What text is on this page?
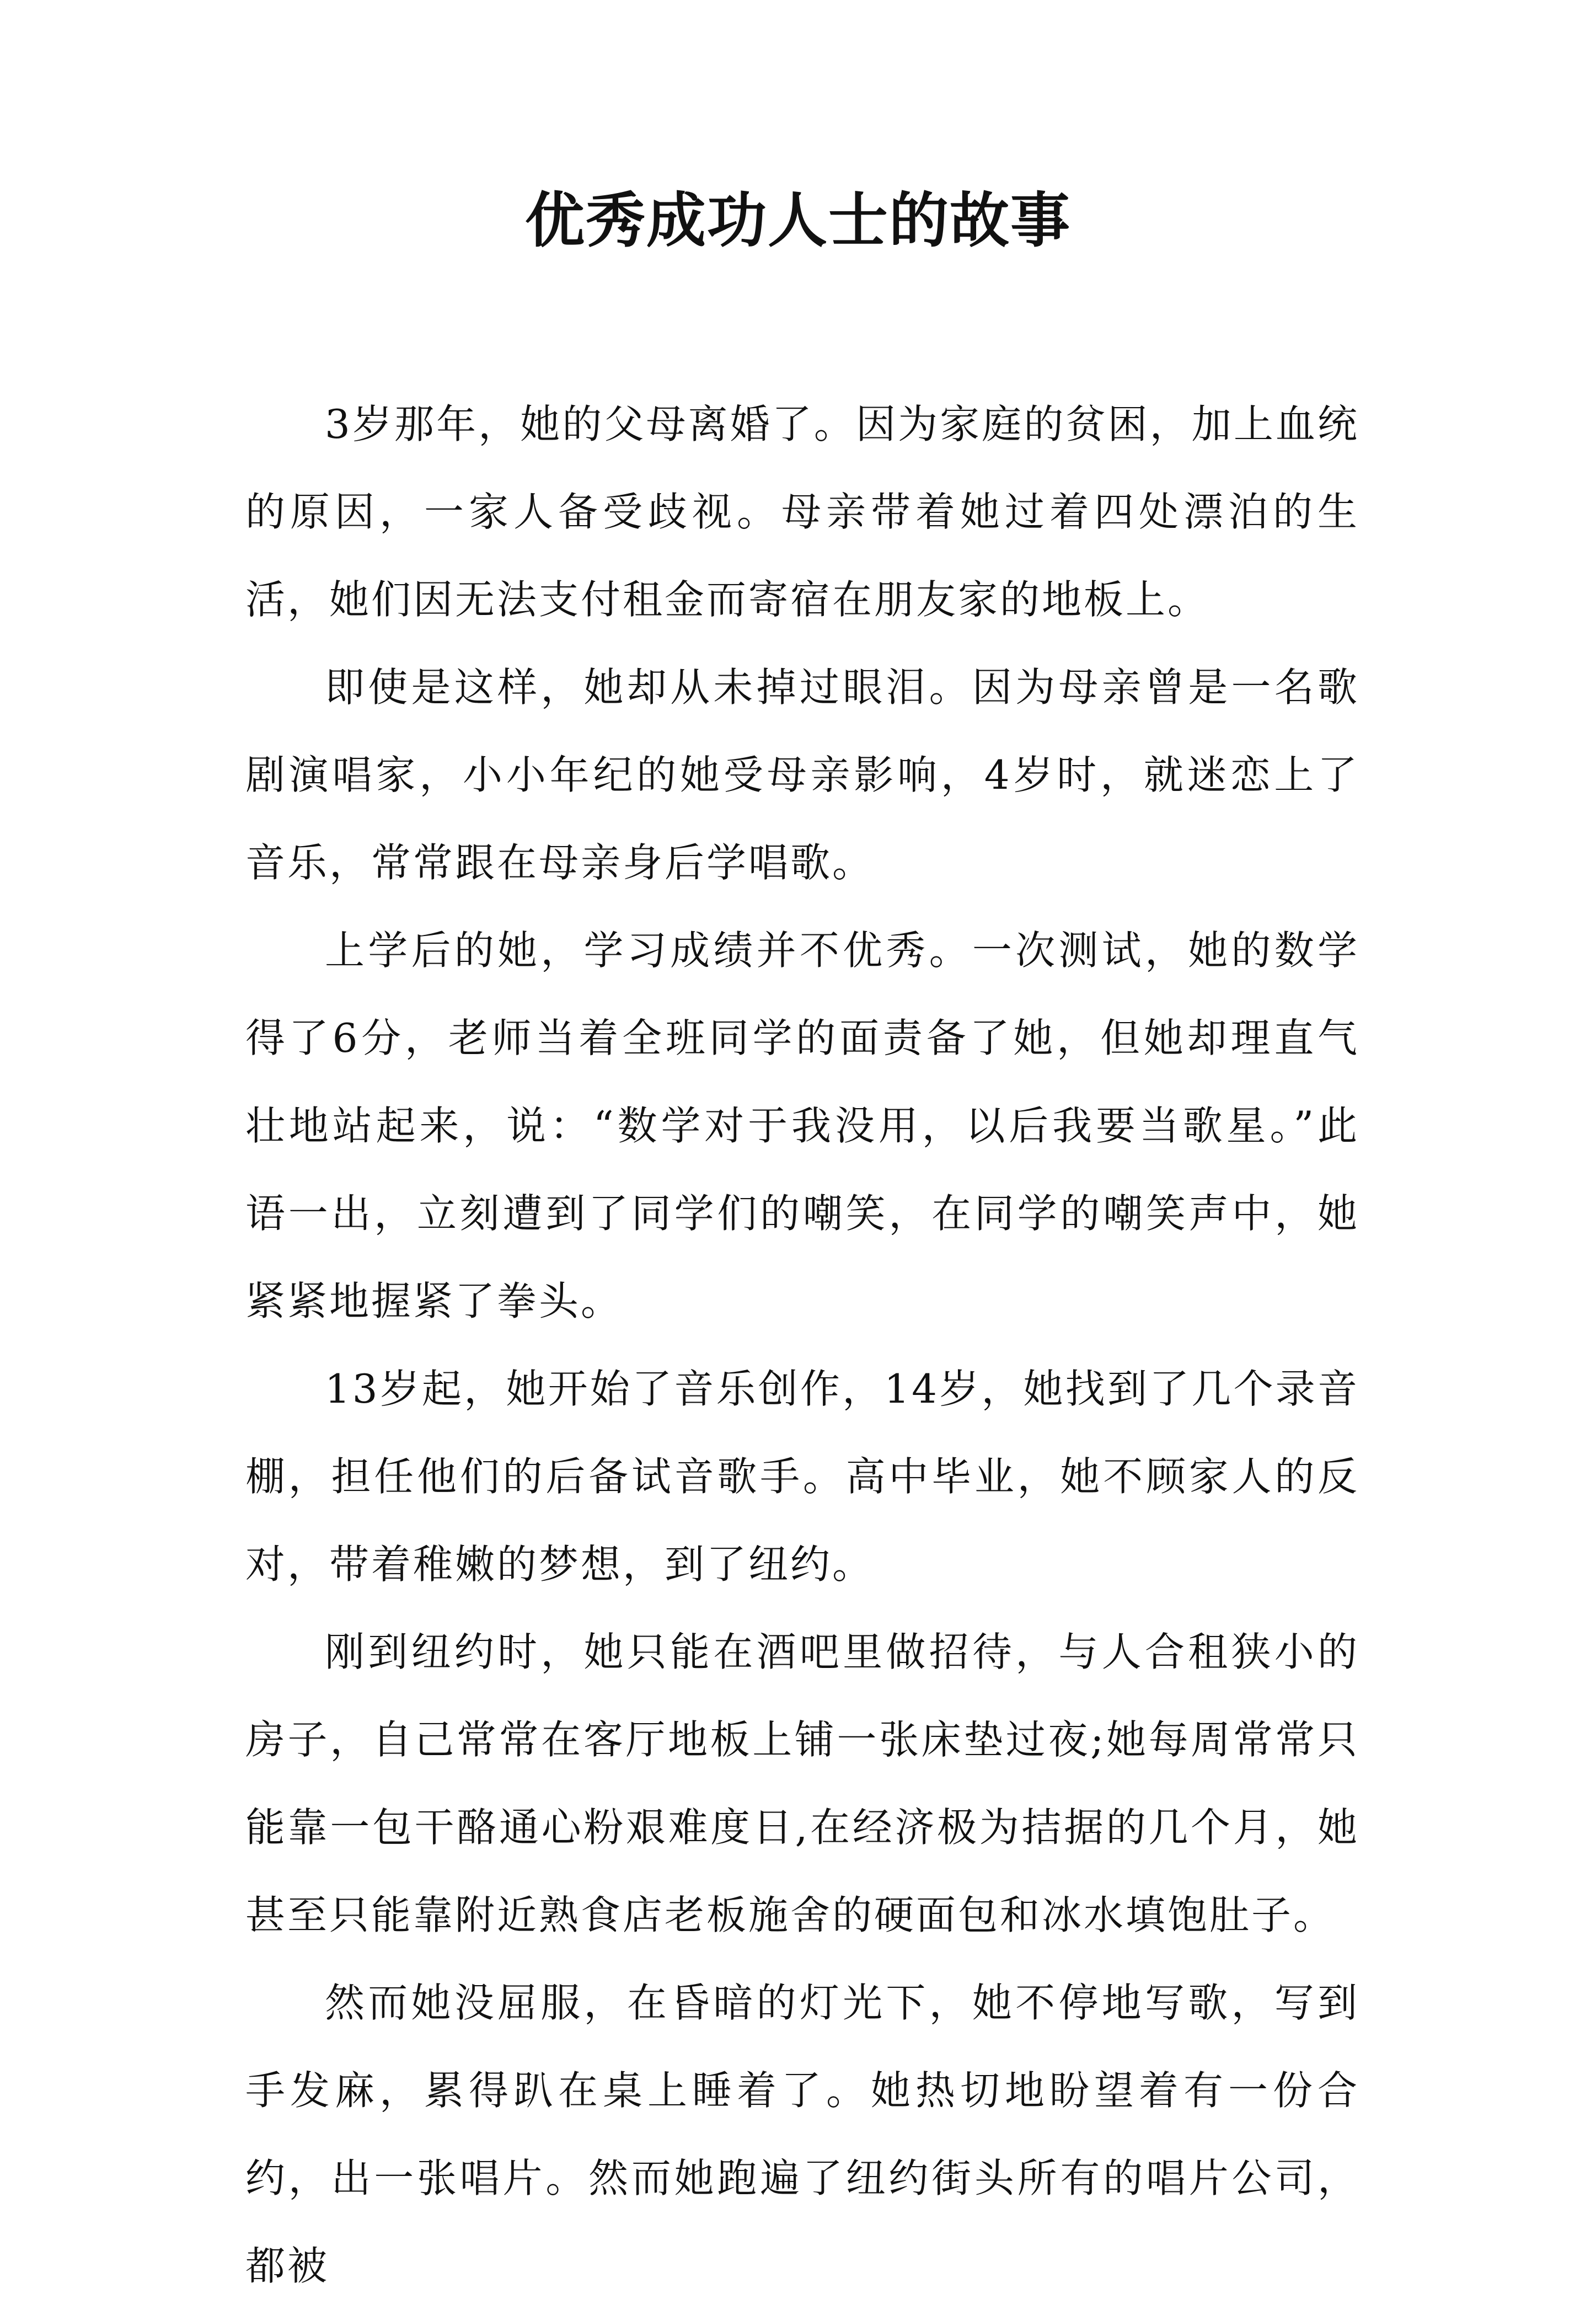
优秀成功人士的故事

3岁那年，她的父母离婚了。因为家庭的贫困，加上血统的原因，一家人备受歧视。母亲带着她过着四处漂泊的生活，她们因无法支付租金而寄宿在朋友家的地板上。

即使是这样，她却从未掉过眼泪。因为母亲曾是一名歌剧演唱家，小小年纪的她受母亲影响，4岁时，就迷恋上了音乐，常常跟在母亲身后学唱歌。

上学后的她，学习成绩并不优秀。一次测试，她的数学得了6分，老师当着全班同学的面责备了她，但她却理直气壮地站起来，说：“数学对于我没用，以后我要当歌星。”此语一出，立刻遭到了同学们的嘲笑，在同学的嘲笑声中，她紧紧地握紧了拳头。

13岁起，她开始了音乐创作，14岁，她找到了几个录音棚，担任他们的后备试音歌手。高中毕业，她不顾家人的反对，带着稚嫩的梦想，到了纽约。

刚到纽约时，她只能在酒吧里做招待，与人合租狭小的房子，自己常常在客厅地板上铺一张床垫过夜;她每周常常只能靠一包干酪通心粉艰难度日,在经济极为拮据的几个月，她甚至只能靠附近熟食店老板施舍的硬面包和冰水填饱肚子。

然而她没屈服，在昏暗的灯光下，她不停地写歌，写到手发麻，累得趴在桌上睡着了。她热切地盼望着有一份合约，出一张唱片。然而她跑遍了纽约街头所有的唱片公司，都被
